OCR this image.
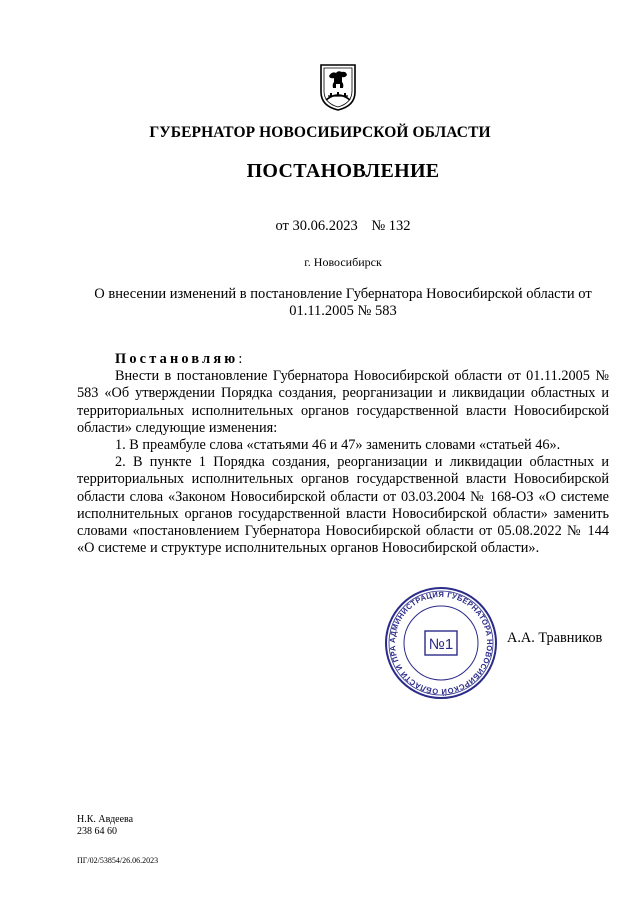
ГУБЕРНАТОР НОВОСИБИРСКОЙ ОБЛАСТИ
ПОСТАНОВЛЕНИЕ
от 30.06.2023 № 132
г. Новосибирск
О внесении изменений в постановление Губернатора Новосибирской области от 01.11.2005 № 583

Постановляю:

Внести в постановление Губернатора Новосибирской области от 01.11.2005 № 583 «Об утверждении Порядка создания, реорганизации и ликвидации областных и территориальных исполнительных органов государственной власти Новосибирской области» следующие изменения:

1. В преамбуле слова «статьями 46 и 47» заменить словами «статьей 46».

2. В пункте 1 Порядка создания, реорганизации и ликвидации областных и территориальных исполнительных органов государственной власти Новосибирской области слова «Законом Новосибирской области от 03.03.2004 № 168-ОЗ «О системе исполнительных органов государственной власти Новосибирской области» заменить словами «постановлением Губернатора Новосибирской области от 05.08.2022 № 144 «О системе и структуре исполнительных органов Новосибирской области».

АДМИНИСТРАЦИЯ ГУБЕРНАТОРА НОВОСИБИРСКОЙ ОБЛАСТИ И ПРА	№1	А.А. Травников
Н.К. Авдеева
238 64 60
ПГ/02/53854/26.06.2023
